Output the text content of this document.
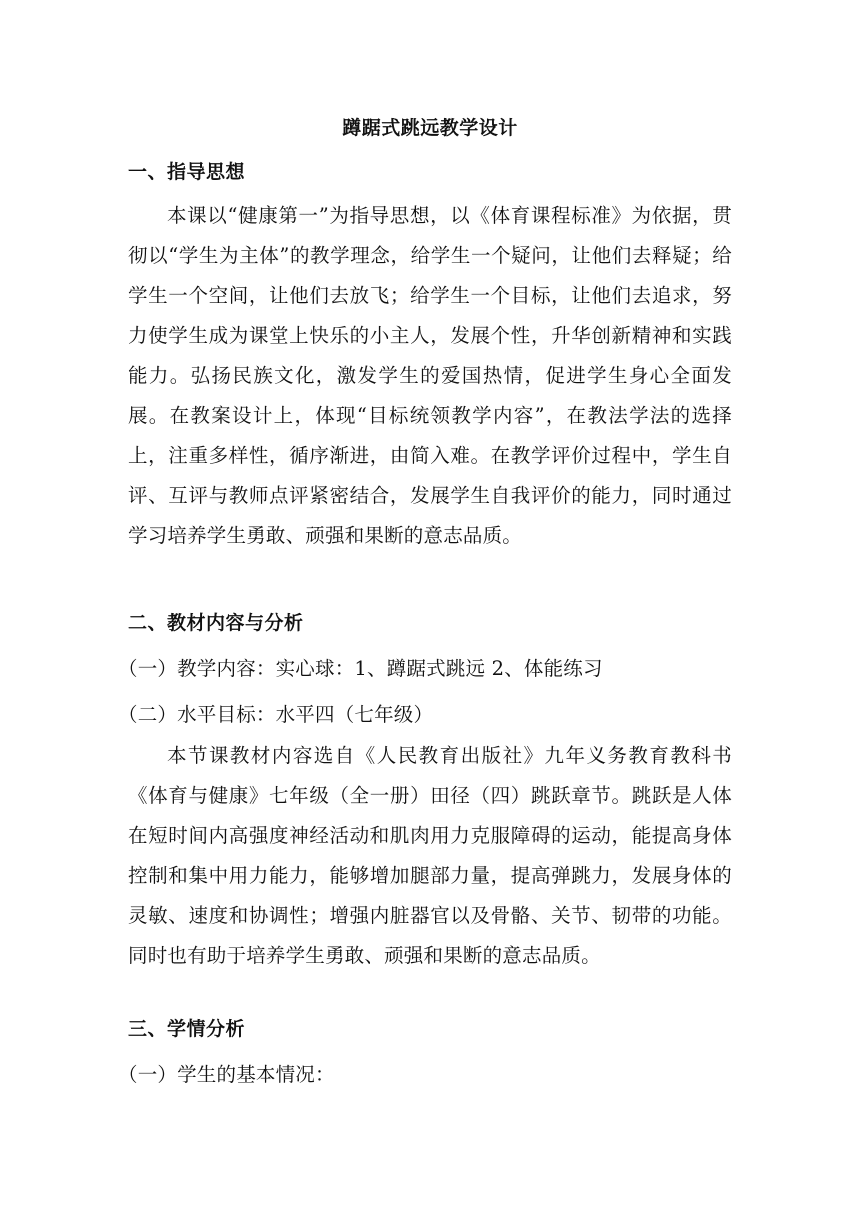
蹲踞式跳远教学设计
一、指导思想

本课以“健康第一”为指导思想，以《体育课程标准》为依据，贯彻以“学生为主体”的教学理念，给学生一个疑问，让他们去释疑；给学生一个空间，让他们去放飞；给学生一个目标，让他们去追求，努力使学生成为课堂上快乐的小主人，发展个性，升华创新精神和实践能力。弘扬民族文化，激发学生的爱国热情，促进学生身心全面发展。在教案设计上，体现“目标统领教学内容”，在教法学法的选择上，注重多样性，循序渐进，由简入难。在教学评价过程中，学生自评、互评与教师点评紧密结合，发展学生自我评价的能力，同时通过学习培养学生勇敢、顽强和果断的意志品质。

二、教材内容与分析

（一）教学内容：实心球：1、蹲踞式跳远 2、体能练习

（二）水平目标：水平四（七年级）

本节课教材内容选自《人民教育出版社》九年义务教育教科书《体育与健康》七年级（全一册）田径（四）跳跃章节。跳跃是人体在短时间内高强度神经活动和肌肉用力克服障碍的运动，能提高身体控制和集中用力能力，能够增加腿部力量，提高弹跳力，发展身体的灵敏、速度和协调性；增强内脏器官以及骨骼、关节、韧带的功能。同时也有助于培养学生勇敢、顽强和果断的意志品质。

三、学情分析

（一）学生的基本情况：
